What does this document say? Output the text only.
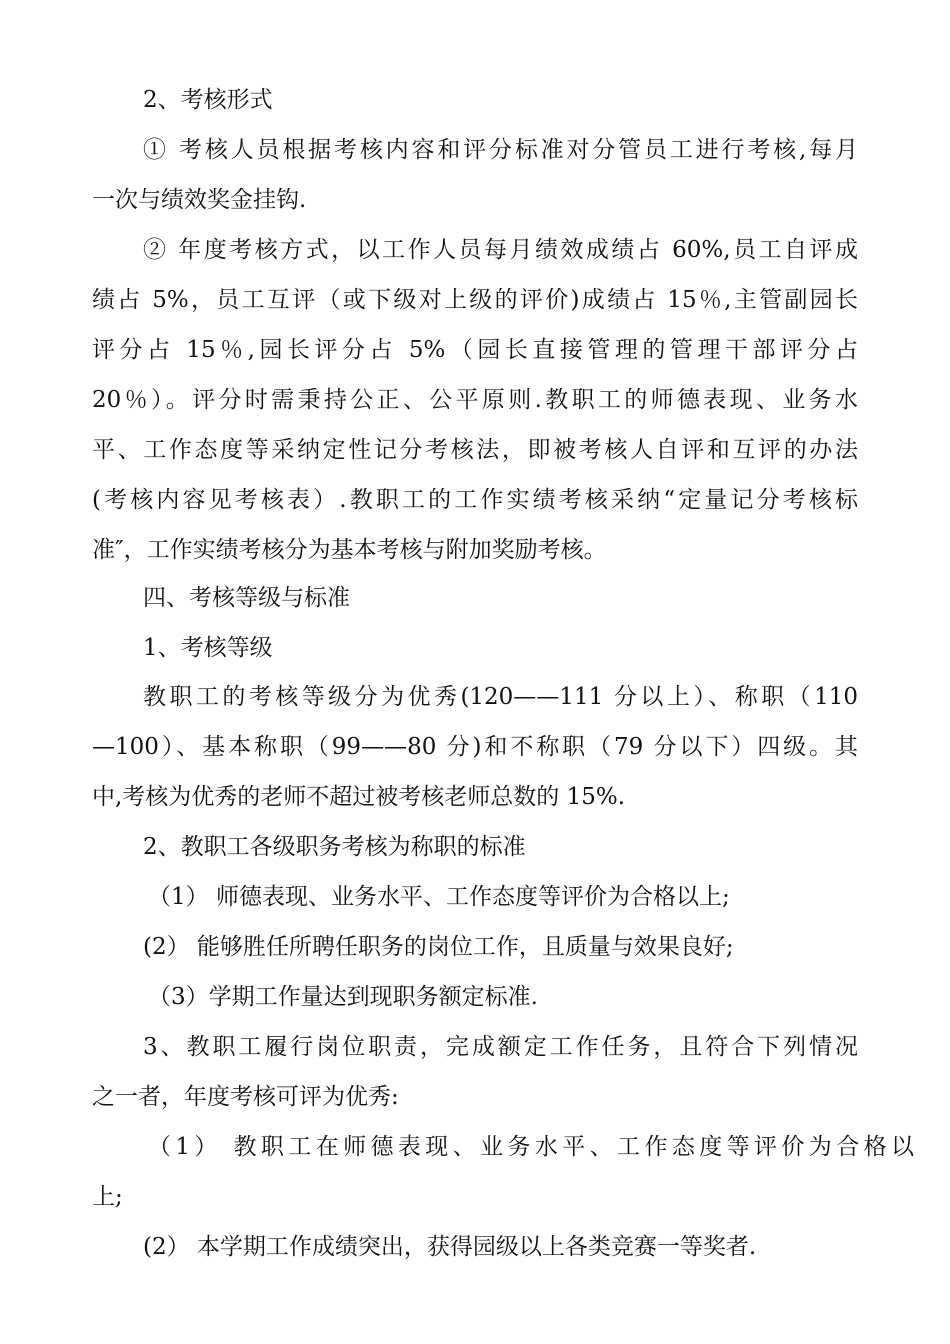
2、考核形式
① 考核人员根据考核内容和评分标准对分管员工进行考核,每月
一次与绩效奖金挂钩.
② 年度考核方式，以工作人员每月绩效成绩占 60%,员工自评成
绩占 5%，员工互评（或下级对上级的评价)成绩占 15％,主管副园长
评分占 15％,园长评分占 5%（园长直接管理的管理干部评分占
20％）。评分时需秉持公正、公平原则.教职工的师德表现、业务水
平、工作态度等采纳定性记分考核法，即被考核人自评和互评的办法
(考核内容见考核表）.教职工的工作实绩考核采纳“定量记分考核标
准″，工作实绩考核分为基本考核与附加奖励考核。
四、考核等级与标准
1、考核等级
教职工的考核等级分为优秀(120——111 分以上）、称职（110
—100）、基本称职（99——80 分)和不称职（79 分以下）四级。其
中,考核为优秀的老师不超过被考核老师总数的 15%.
2、教职工各级职务考核为称职的标准
（1） 师德表现、业务水平、工作态度等评价为合格以上;
(2） 能够胜任所聘任职务的岗位工作，且质量与效果良好;
（3）学期工作量达到现职务额定标准.
3、教职工履行岗位职责，完成额定工作任务，且符合下列情况
之一者，年度考核可评为优秀:
（1） 教职工在师德表现、业务水平、工作态度等评价为合格以
上;
(2） 本学期工作成绩突出，获得园级以上各类竞赛一等奖者.
